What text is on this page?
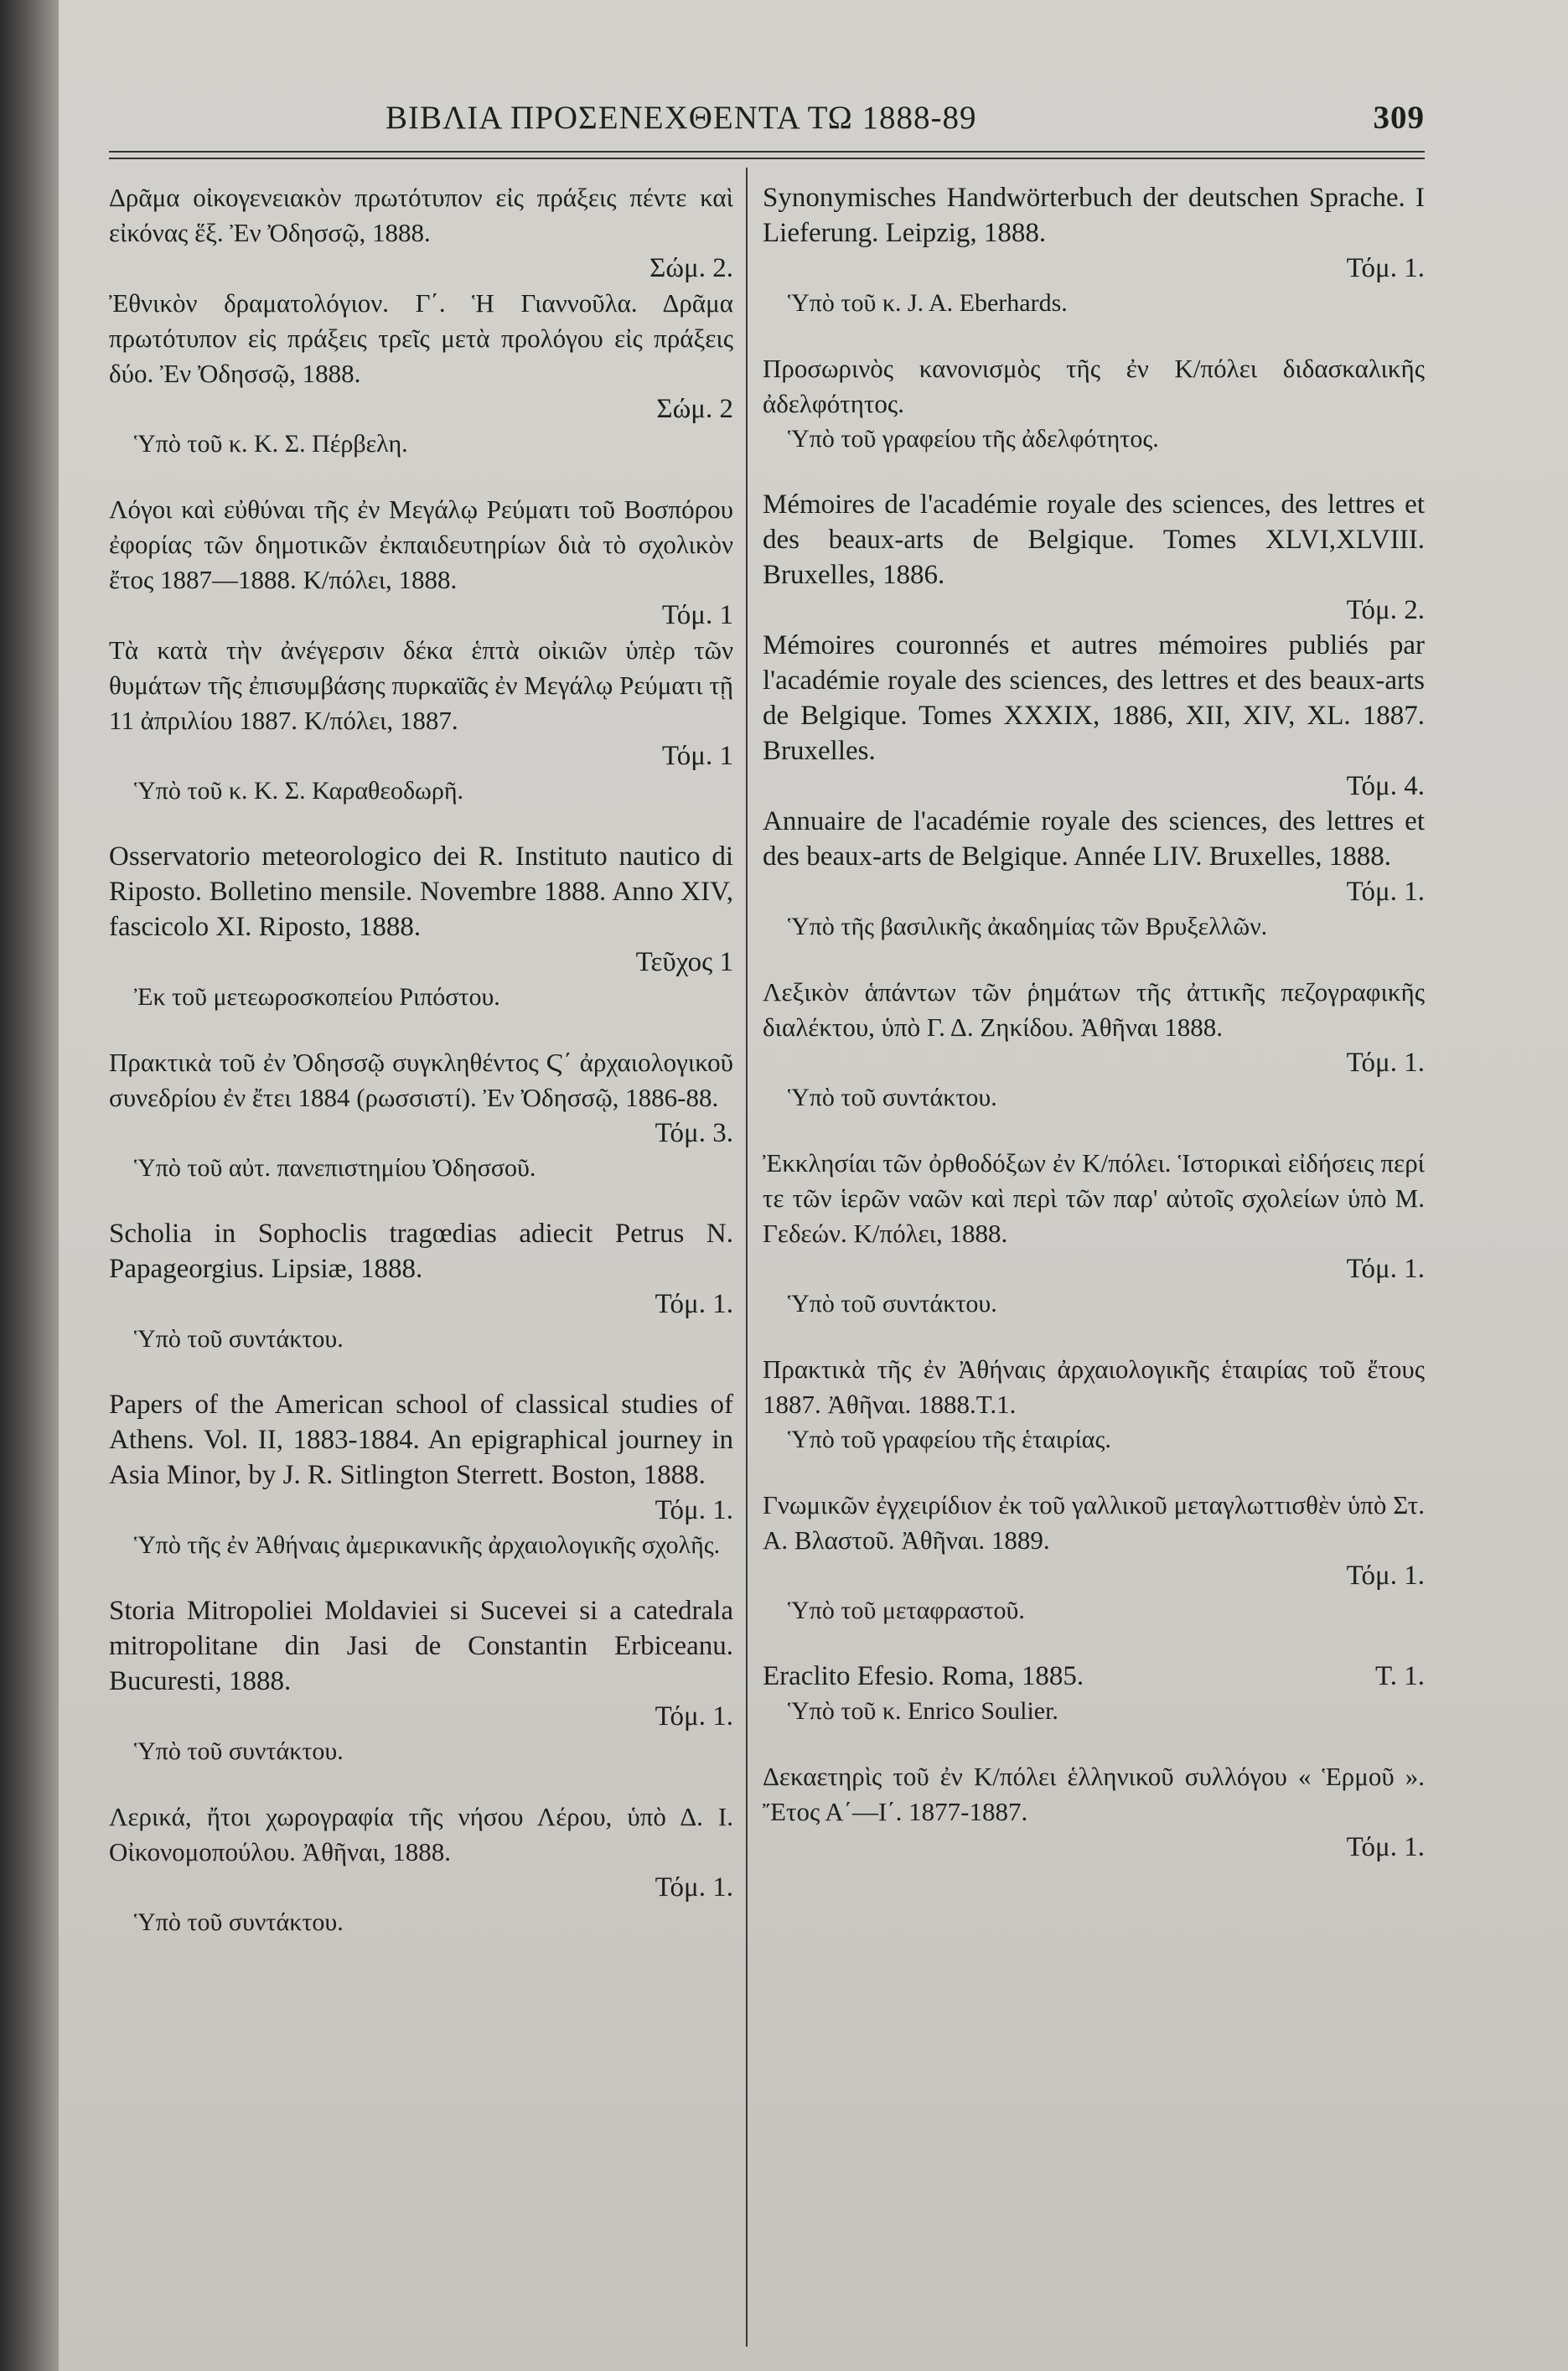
ΒΙΒΛΙΑ ΠΡΟΣΕΝΕΧΘΕΝΤΑ ΤΩ 1888-89	309

Δρᾶμα οἰκογενειακὸν πρωτότυπον εἰς πράξεις πέντε καὶ εἰκόνας ἕξ. Ἐν Ὀδησσῷ, 1888.

Σώμ. 2.

Ἐθνικὸν δραματολόγιον. Γ΄. Ἡ Γιαννοῦλα. Δρᾶμα πρωτότυπον εἰς πράξεις τρεῖς μετὰ προλόγου εἰς πράξεις δύο. Ἐν Ὀδησσῷ, 1888.

Σώμ. 2

Ὑπὸ τοῦ κ. Κ. Σ. Πέρβελη.

Λόγοι καὶ εὐθύναι τῆς ἐν Μεγάλῳ Ρεύματι τοῦ Βοσπόρου ἐφορίας τῶν δημοτικῶν ἐκπαιδευτηρίων διὰ τὸ σχολικὸν ἔτος 1887—1888. Κ/πόλει, 1888.

Τόμ. 1

Τὰ κατὰ τὴν ἀνέγερσιν δέκα ἑπτὰ οἰκιῶν ὑπὲρ τῶν θυμάτων τῆς ἐπισυμβάσης πυρκαϊᾶς ἐν Μεγάλῳ Ρεύματι τῇ 11 ἀπριλίου 1887. Κ/πόλει, 1887.

Τόμ. 1

Ὑπὸ τοῦ κ. Κ. Σ. Καραθεοδωρῆ.

Osservatorio meteorologico dei R. Instituto nautico di Riposto. Bolletino mensile. Novembre 1888. Anno XIV, fascicolo XI. Riposto, 1888.

Τεῦχος 1

Ἐκ τοῦ μετεωροσκοπείου Ριπόστου.

Πρακτικὰ τοῦ ἐν Ὀδησσῷ συγκληθέντος Ϛ΄ ἀρχαιολογικοῦ συνεδρίου ἐν ἔτει 1884 (ρωσσιστί). Ἐν Ὀδησσῷ, 1886-88.

Τόμ. 3.

Ὑπὸ τοῦ αὐτ. πανεπιστημίου Ὀδησσοῦ.

Scholia in Sophoclis tragœdias adiecit Petrus N. Papageorgius. Lipsiæ, 1888.

Τόμ. 1.

Ὑπὸ τοῦ συντάκτου.

Papers of the American school of classical studies of Athens. Vol. II, 1883-1884. An epigraphical journey in Asia Minor, by J. R. Sitlington Sterrett. Boston, 1888.

Τόμ. 1.

Ὑπὸ τῆς ἐν Ἀθήναις ἀμερικανικῆς ἀρχαιολογικῆς σχολῆς.

Storia Mitropoliei Moldaviei si Sucevei si a catedrala mitropolitane din Jasi de Constantin Erbiceanu. Bucuresti, 1888.

Τόμ. 1.

Ὑπὸ τοῦ συντάκτου.

Λερικά, ἤτοι χωρογραφία τῆς νήσου Λέρου, ὑπὸ Δ. Ι. Οἰκονομοπούλου. Ἀθῆναι, 1888.

Τόμ. 1.

Ὑπὸ τοῦ συντάκτου.

Synonymisches Handwörterbuch der deutschen Sprache. I Lieferung. Leipzig, 1888.

Τόμ. 1.

Ὑπὸ τοῦ κ. J. A. Eberhards.

Προσωρινὸς κανονισμὸς τῆς ἐν Κ/πόλει διδασκαλικῆς ἀδελφότητος.

Ὑπὸ τοῦ γραφείου τῆς ἀδελφότητος.

Mémoires de l'académie royale des sciences, des lettres et des beaux-arts de Belgique. Tomes XLVI,XLVIII. Bruxelles, 1886.

Τόμ. 2.

Mémoires couronnés et autres mémoires publiés par l'académie royale des sciences, des lettres et des beaux-arts de Belgique. Tomes XXXIX, 1886, XII, XIV, XL. 1887. Bruxelles.

Τόμ. 4.

Annuaire de l'académie royale des sciences, des lettres et des beaux-arts de Belgique. Année LIV. Bruxelles, 1888.

Τόμ. 1.

Ὑπὸ τῆς βασιλικῆς ἀκαδημίας τῶν Βρυξελλῶν.

Λεξικὸν ἁπάντων τῶν ῥημάτων τῆς ἀττικῆς πεζογραφικῆς διαλέκτου, ὑπὸ Γ. Δ. Ζηκίδου. Ἀθῆναι 1888.

Τόμ. 1.

Ὑπὸ τοῦ συντάκτου.

Ἐκκλησίαι τῶν ὀρθοδόξων ἐν Κ/πόλει. Ἱστορικαὶ εἰδήσεις περί τε τῶν ἱερῶν ναῶν καὶ περὶ τῶν παρ' αὐτοῖς σχολείων ὑπὸ Μ. Γεδεών. Κ/πόλει, 1888.

Τόμ. 1.

Ὑπὸ τοῦ συντάκτου.

Πρακτικὰ τῆς ἐν Ἀθήναις ἀρχαιολογικῆς ἑταιρίας τοῦ ἔτους 1887. Ἀθῆναι. 1888.Τ.1.

Ὑπὸ τοῦ γραφείου τῆς ἑταιρίας.

Γνωμικῶν ἐγχειρίδιον ἐκ τοῦ γαλλικοῦ μεταγλωττισθὲν ὑπὸ Στ. Α. Βλαστοῦ. Ἀθῆναι. 1889.

Τόμ. 1.

Ὑπὸ τοῦ μεταφραστοῦ.

Eraclito Efesio. Roma, 1885.	Τ. 1.

Ὑπὸ τοῦ κ. Enrico Soulier.

Δεκαετηρὶς τοῦ ἐν Κ/πόλει ἑλληνικοῦ συλλόγου « Ἑρμοῦ ». Ἔτος Α΄—Ι΄. 1877-1887.

Τόμ. 1.
